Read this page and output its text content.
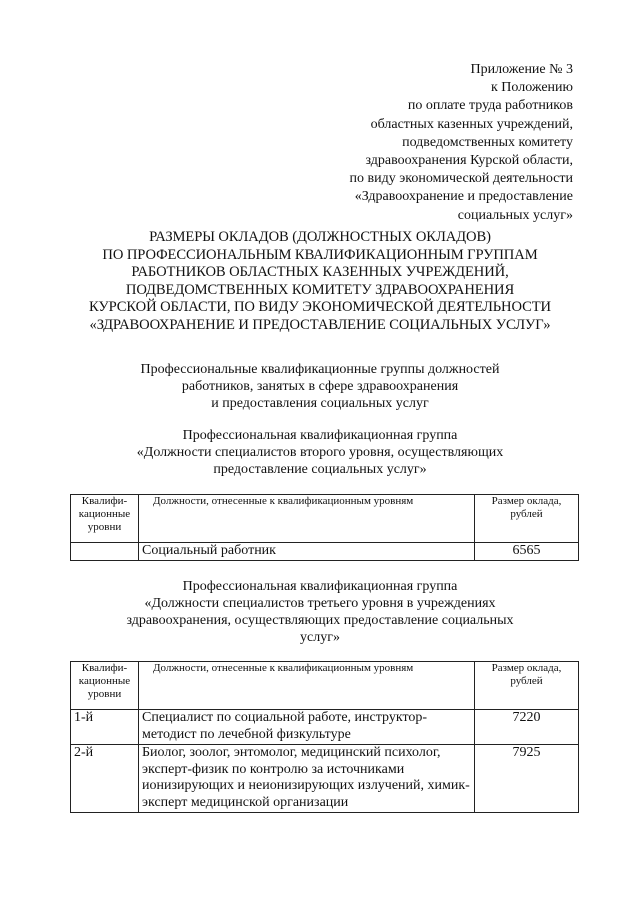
Приложение № 3
к Положению
по оплате труда работников
областных казенных учреждений,
подведомственных комитету
здравоохранения Курской области,
по виду экономической деятельности
«Здравоохранение и предоставление
социальных услуг»
РАЗМЕРЫ ОКЛАДОВ (ДОЛЖНОСТНЫХ ОКЛАДОВ)
ПО ПРОФЕССИОНАЛЬНЫМ КВАЛИФИКАЦИОННЫМ ГРУППАМ
РАБОТНИКОВ ОБЛАСТНЫХ КАЗЕННЫХ УЧРЕЖДЕНИЙ,
ПОДВЕДОМСТВЕННЫХ КОМИТЕТУ ЗДРАВООХРАНЕНИЯ
КУРСКОЙ ОБЛАСТИ, ПО ВИДУ ЭКОНОМИЧЕСКОЙ ДЕЯТЕЛЬНОСТИ
«ЗДРАВООХРАНЕНИЕ И ПРЕДОСТАВЛЕНИЕ СОЦИАЛЬНЫХ УСЛУГ»
Профессиональные квалификационные группы должностей
работников, занятых в сфере здравоохранения
и предоставления социальных услуг
Профессиональная квалификационная группа
«Должности специалистов второго уровня, осуществляющих
предоставление социальных услуг»
Квалифи-кационные уровни	Должности, отнесенные к квалификационным уровням	Размер оклада, рублей
	Социальный работник	6565
Профессиональная квалификационная группа
«Должности специалистов третьего уровня в учреждениях
здравоохранения, осуществляющих предоставление социальных
услуг»
Квалифи-кационные уровни	Должности, отнесенные к квалификационным уровням	Размер оклада, рублей
1-й	Специалист по социальной работе, инструктор-методист по лечебной физкультуре	7220
2-й	Биолог, зоолог, энтомолог, медицинский психолог, эксперт-физик по контролю за источниками ионизирующих и неионизирующих излучений, химик-эксперт медицинской организации	7925
